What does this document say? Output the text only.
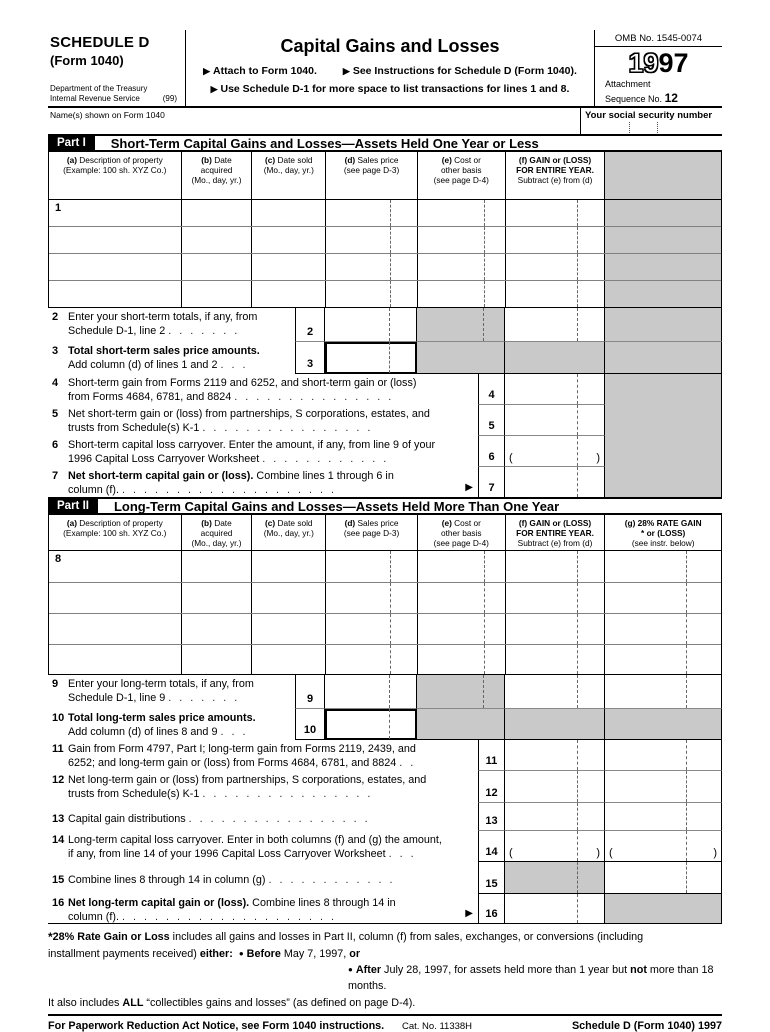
SCHEDULE D
(Form 1040)
Department of the Treasury
Internal Revenue Service	(99)
Capital Gains and Losses
▶ Attach to Form 1040.	▶ See Instructions for Schedule D (Form 1040).
▶ Use Schedule D-1 for more space to list transactions for lines 1 and 8.
OMB No. 1545-0074
1997
Attachment
Sequence No. 12
Name(s) shown on Form 1040	Your social security number
Part I	Short-Term Capital Gains and Losses—Assets Held One Year or Less
(a) Description of property
(Example: 100 sh. XYZ Co.)
(b) Date
acquired
(Mo., day, yr.)
(c) Date sold
(Mo., day, yr.)
(d) Sales price
(see page D-3)
(e) Cost or
other basis
(see page D-4)
(f) GAIN or (LOSS)
FOR ENTIRE YEAR.
Subtract (e) from (d)
1
2 Enter your short-term totals, if any, from
Schedule D-1, line 2 . . . . . . .	2
3 Total short-term sales price amounts.
Add column (d) of lines 1 and 2 . . .	3
4 Short-term gain from Forms 2119 and 6252, and short-term gain or (loss)
from Forms 4684, 6781, and 8824 . . . . . . . . . . . . . . .	4
5 Net short-term gain or (loss) from partnerships, S corporations, estates, and
trusts from Schedule(s) K-1 . . . . . . . . . . . . . . . .	5
6 Short-term capital loss carryover. Enter the amount, if any, from line 9 of your
1996 Capital Loss Carryover Worksheet . . . . . . . . . . . .	6	(	)
7 Net short-term capital gain or (loss). Combine lines 1 through 6 in
column (f). . . . . . . . . . . . . . . . . . . . .	▶	7
Part II	Long-Term Capital Gains and Losses—Assets Held More Than One Year
(a) Description of property
(Example: 100 sh. XYZ Co.)
(b) Date
acquired
(Mo., day, yr.)
(c) Date sold
(Mo., day, yr.)
(d) Sales price
(see page D-3)
(e) Cost or
other basis
(see page D-4)
(f) GAIN or (LOSS)
FOR ENTIRE YEAR.
Subtract (e) from (d)
(g) 28% RATE GAIN
* or (LOSS)
(see instr. below)
8
9 Enter your long-term totals, if any, from
Schedule D-1, line 9 . . . . . . .	9
10 Total long-term sales price amounts.
Add column (d) of lines 8 and 9 . . .	10
11 Gain from Form 4797, Part I; long-term gain from Forms 2119, 2439, and
6252; and long-term gain or (loss) from Forms 4684, 6781, and 8824 . .	11
12 Net long-term gain or (loss) from partnerships, S corporations, estates, and
trusts from Schedule(s) K-1 . . . . . . . . . . . . . . . .	12
13 Capital gain distributions . . . . . . . . . . . . . . . . .	13
14 Long-term capital loss carryover. Enter in both columns (f) and (g) the amount,
if any, from line 14 of your 1996 Capital Loss Carryover Worksheet . . .	14	(	) (	)
15 Combine lines 8 through 14 in column (g) . . . . . . . . . . . .	15
16 Net long-term capital gain or (loss). Combine lines 8 through 14 in
column (f). . . . . . . . . . . . . . . . . . . . .	▶	16
*28% Rate Gain or Loss includes all gains and losses in Part II, column (f) from sales, exchanges, or conversions (including
installment payments received) either: ● Before May 7, 1997, or
● After July 28, 1997, for assets held more than 1 year but not more than 18 months.
It also includes ALL “collectibles gains and losses” (as defined on page D-4).
For Paperwork Reduction Act Notice, see Form 1040 instructions.	Cat. No. 11338H	Schedule D (Form 1040) 1997
